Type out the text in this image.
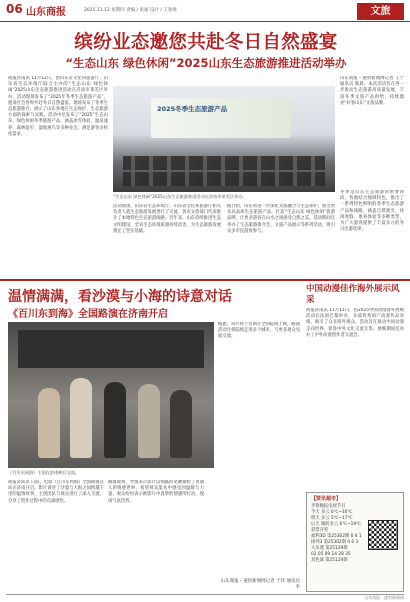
06 山东商报	2025.11.13 星期四 责编 / 张通 设计 / 王春燕	文旅
缤纷业态邀您共赴冬日自然盛宴
“生态山东 绿色休闲”2025山东生态旅游推进活动举办
商报济南讯 11月12日，由山东省文化和旅游厅、山东省生态环境厅联合主办的“生态山东 绿色休闲”2025山东生态旅游推进活动在济南市莱芜区举办，活动现场发布了“2025年冬季生态旅游产品”，邀请社会各界共赴冬日自然盛宴。现场发布了冬季生态旅游推介，展示了山东各地在生态保护、生态旅游方面的探索与实践。活动中还发布了“2025”生态山东、绿色休闲冬季旅游产品，涵盖冰雪体验、温泉康养、森林徒步、湿地观鸟等多种业态，满足游客多样化需求。
活动现场，山东省生态环境厅、山东省文化和旅游厅相关负责人就生态旅游发展进行了交流，各市文旅部门代表推介了本地特色生态旅游线路。近年来，山东持续推进生态文明建设，全省生态环境质量持续改善，为生态旅游发展奠定了坚实基础。
据介绍，山东将进一步深化文旅融合与生态保护，推出更多高品质生态旅游产品，打造“生态山东 绿色休闲”旅游品牌，让更多游客在山水之间感受自然之美。活动期间还举办了生态旅游推介会、文旅产品展示等系列活动，吸引众多市民游客参与。
山东商报・速豹新闻网记者 王宁 通讯员 陈晨。本次活动旨在进一步推动生态旅游高质量发展，丰富冬季文旅产品供给，持续擦亮“好客山东”文旅品牌。
冬季是山东生态旅游的重要时段，各地结合地域特色，推出了一系列特色鲜明的冬季生态旅游产品和线路，涵盖自然观光、休闲度假、康养体验等多种类型，为广大游客提供了丰富多元的冬日出游选择。
2025冬季生态旅游产品
“生态山东 绿色休闲”2025山东生态旅游推进活动在济南市莱芜区举办。
温情满满，看沙漠与小海的诗意对话
《百川东到海》全国路演在济南开启
《百川东到海》主创在济南映后交流。
商报济南讯 日前，电影《百川东到海》全国路演首站在济南开启。影片讲述了沙漠与大海之间跨越千里的温情故事，主创团队与观众进行了深入交流，分享了创作过程中的点滴感悟。
路演现场，导演表示影片以细腻的笔触描绘了普通人的情感世界，希望观众能从中感受到温暖与力量。观众纷纷表示被影片中真挚的情感所打动，现场气氛热烈。
据悉，该片将于近期在全国院线上映，路演活动还将陆续走进多个城市，与更多观众见面交流。
山东商报・速豹新闻网记者 于洋 通讯员 李
中国动漫佳作海外展示风采
商报济南讯 11月11日，由2025中国动漫海外展映活动在法国巴黎举办，多部优秀国产动漫作品亮相，吸引了众多海外观众。活动旨在推动中国动漫走向世界，促进中外文化交流互鉴。展映期间还举办了中外动漫创作者交流会。
【资讯超市】
齐鲁晚报电视节目
今天 多云 6℃~16℃
明天 多云 5℃~17℃
后天 晴转多云 6℃~19℃
彩票开奖
福利3D 第25302期 0 6 1
排列3 第25302期 0 6 3
大乐透 第25129期
02 05 09 14 28 35
双色球 第25129期
山东商报 · 速豹新闻网
